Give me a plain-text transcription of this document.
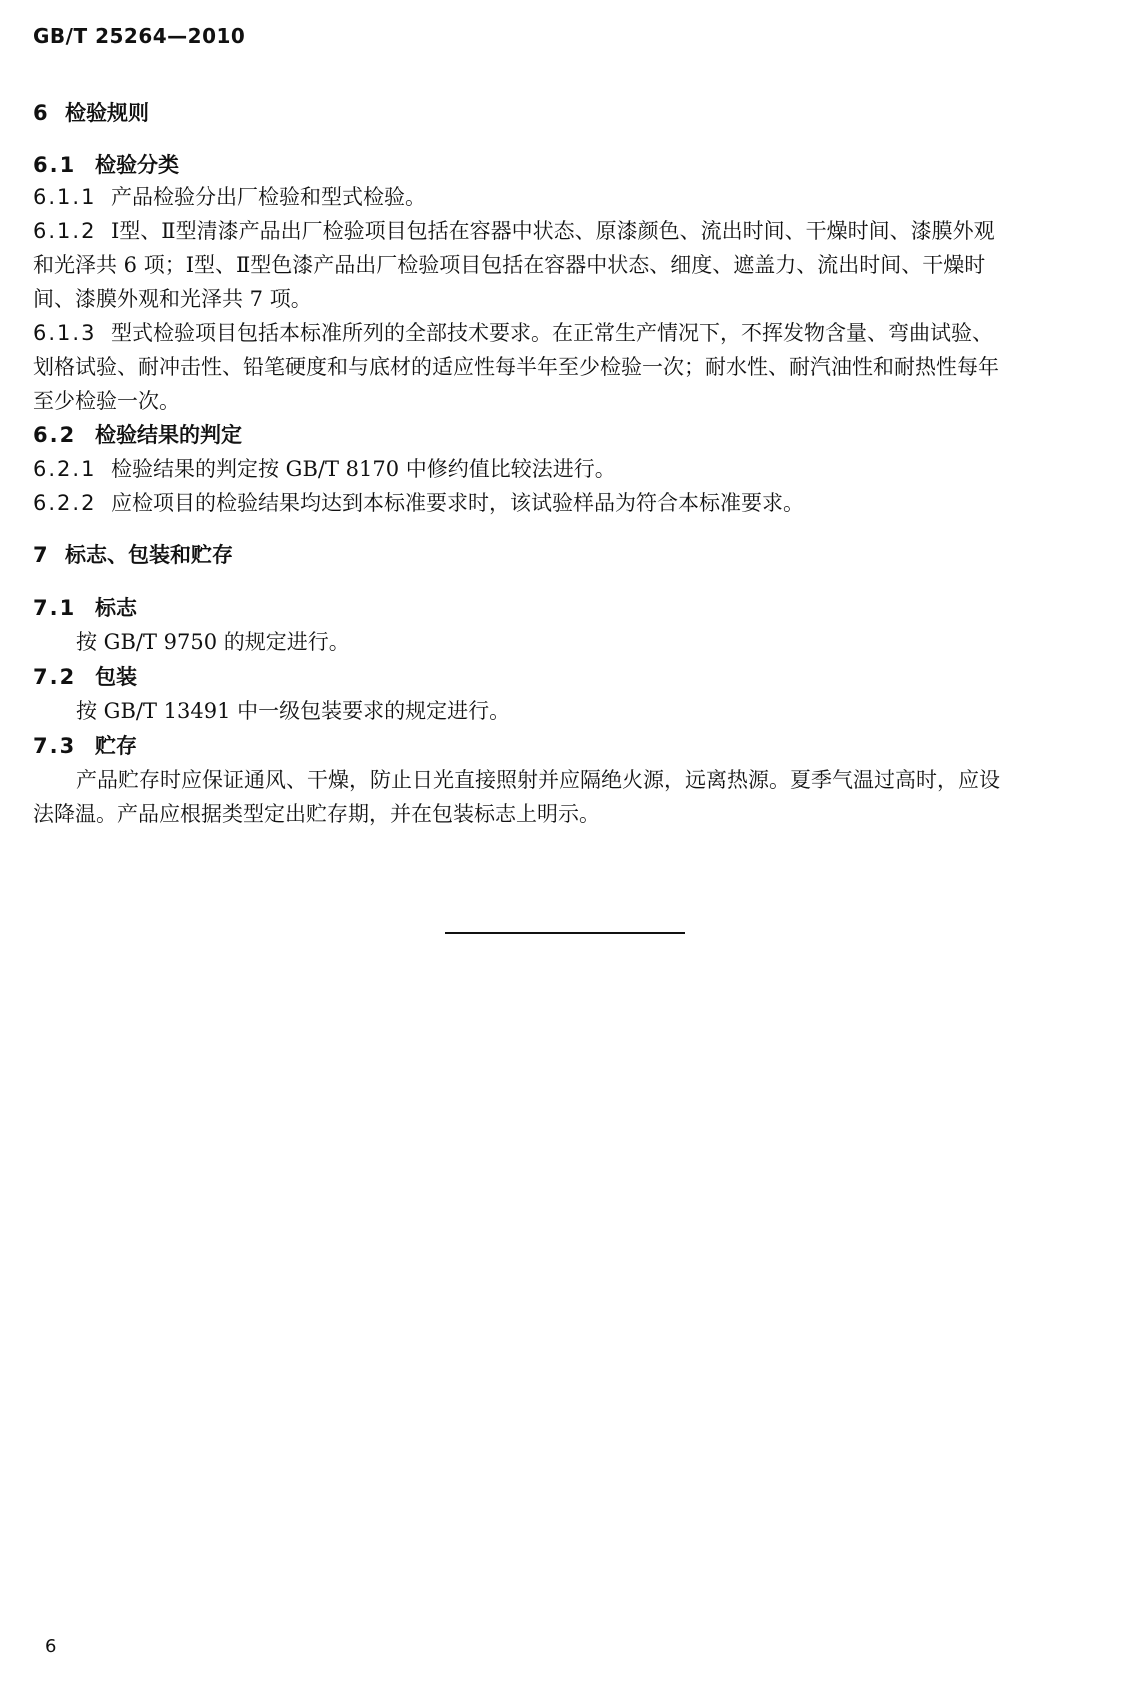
GB/T 25264—2010
6 检验规则
6.1 检验分类
6.1.1 产品检验分出厂检验和型式检验。
6.1.2 Ⅰ型、Ⅱ型清漆产品出厂检验项目包括在容器中状态、原漆颜色、流出时间、干燥时间、漆膜外观
和光泽共 6 项；Ⅰ型、Ⅱ型色漆产品出厂检验项目包括在容器中状态、细度、遮盖力、流出时间、干燥时
间、漆膜外观和光泽共 7 项。
6.1.3 型式检验项目包括本标准所列的全部技术要求。在正常生产情况下，不挥发物含量、弯曲试验、
划格试验、耐冲击性、铅笔硬度和与底材的适应性每半年至少检验一次；耐水性、耐汽油性和耐热性每年
至少检验一次。
6.2 检验结果的判定
6.2.1 检验结果的判定按 GB/T 8170 中修约值比较法进行。
6.2.2 应检项目的检验结果均达到本标准要求时，该试验样品为符合本标准要求。
7 标志、包装和贮存
7.1 标志
按 GB/T 9750 的规定进行。
7.2 包装
按 GB/T 13491 中一级包装要求的规定进行。
7.3 贮存
产品贮存时应保证通风、干燥，防止日光直接照射并应隔绝火源，远离热源。夏季气温过高时，应设
法降温。产品应根据类型定出贮存期，并在包装标志上明示。
6
